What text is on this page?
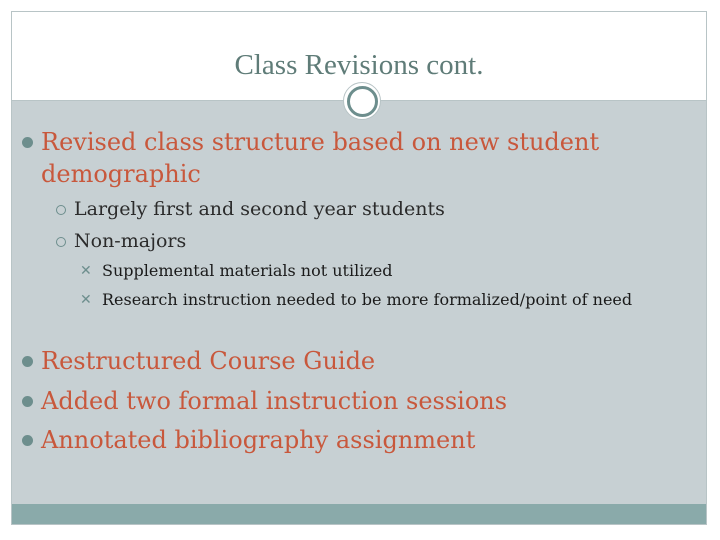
Class Revisions cont.
Revised class structure based on new student
demographic
Largely first and second year students
Non-majors
✕ Supplemental materials not utilized
✕ Research instruction needed to be more formalized/point of need
Restructured Course Guide
Added two formal instruction sessions
Annotated bibliography assignment
